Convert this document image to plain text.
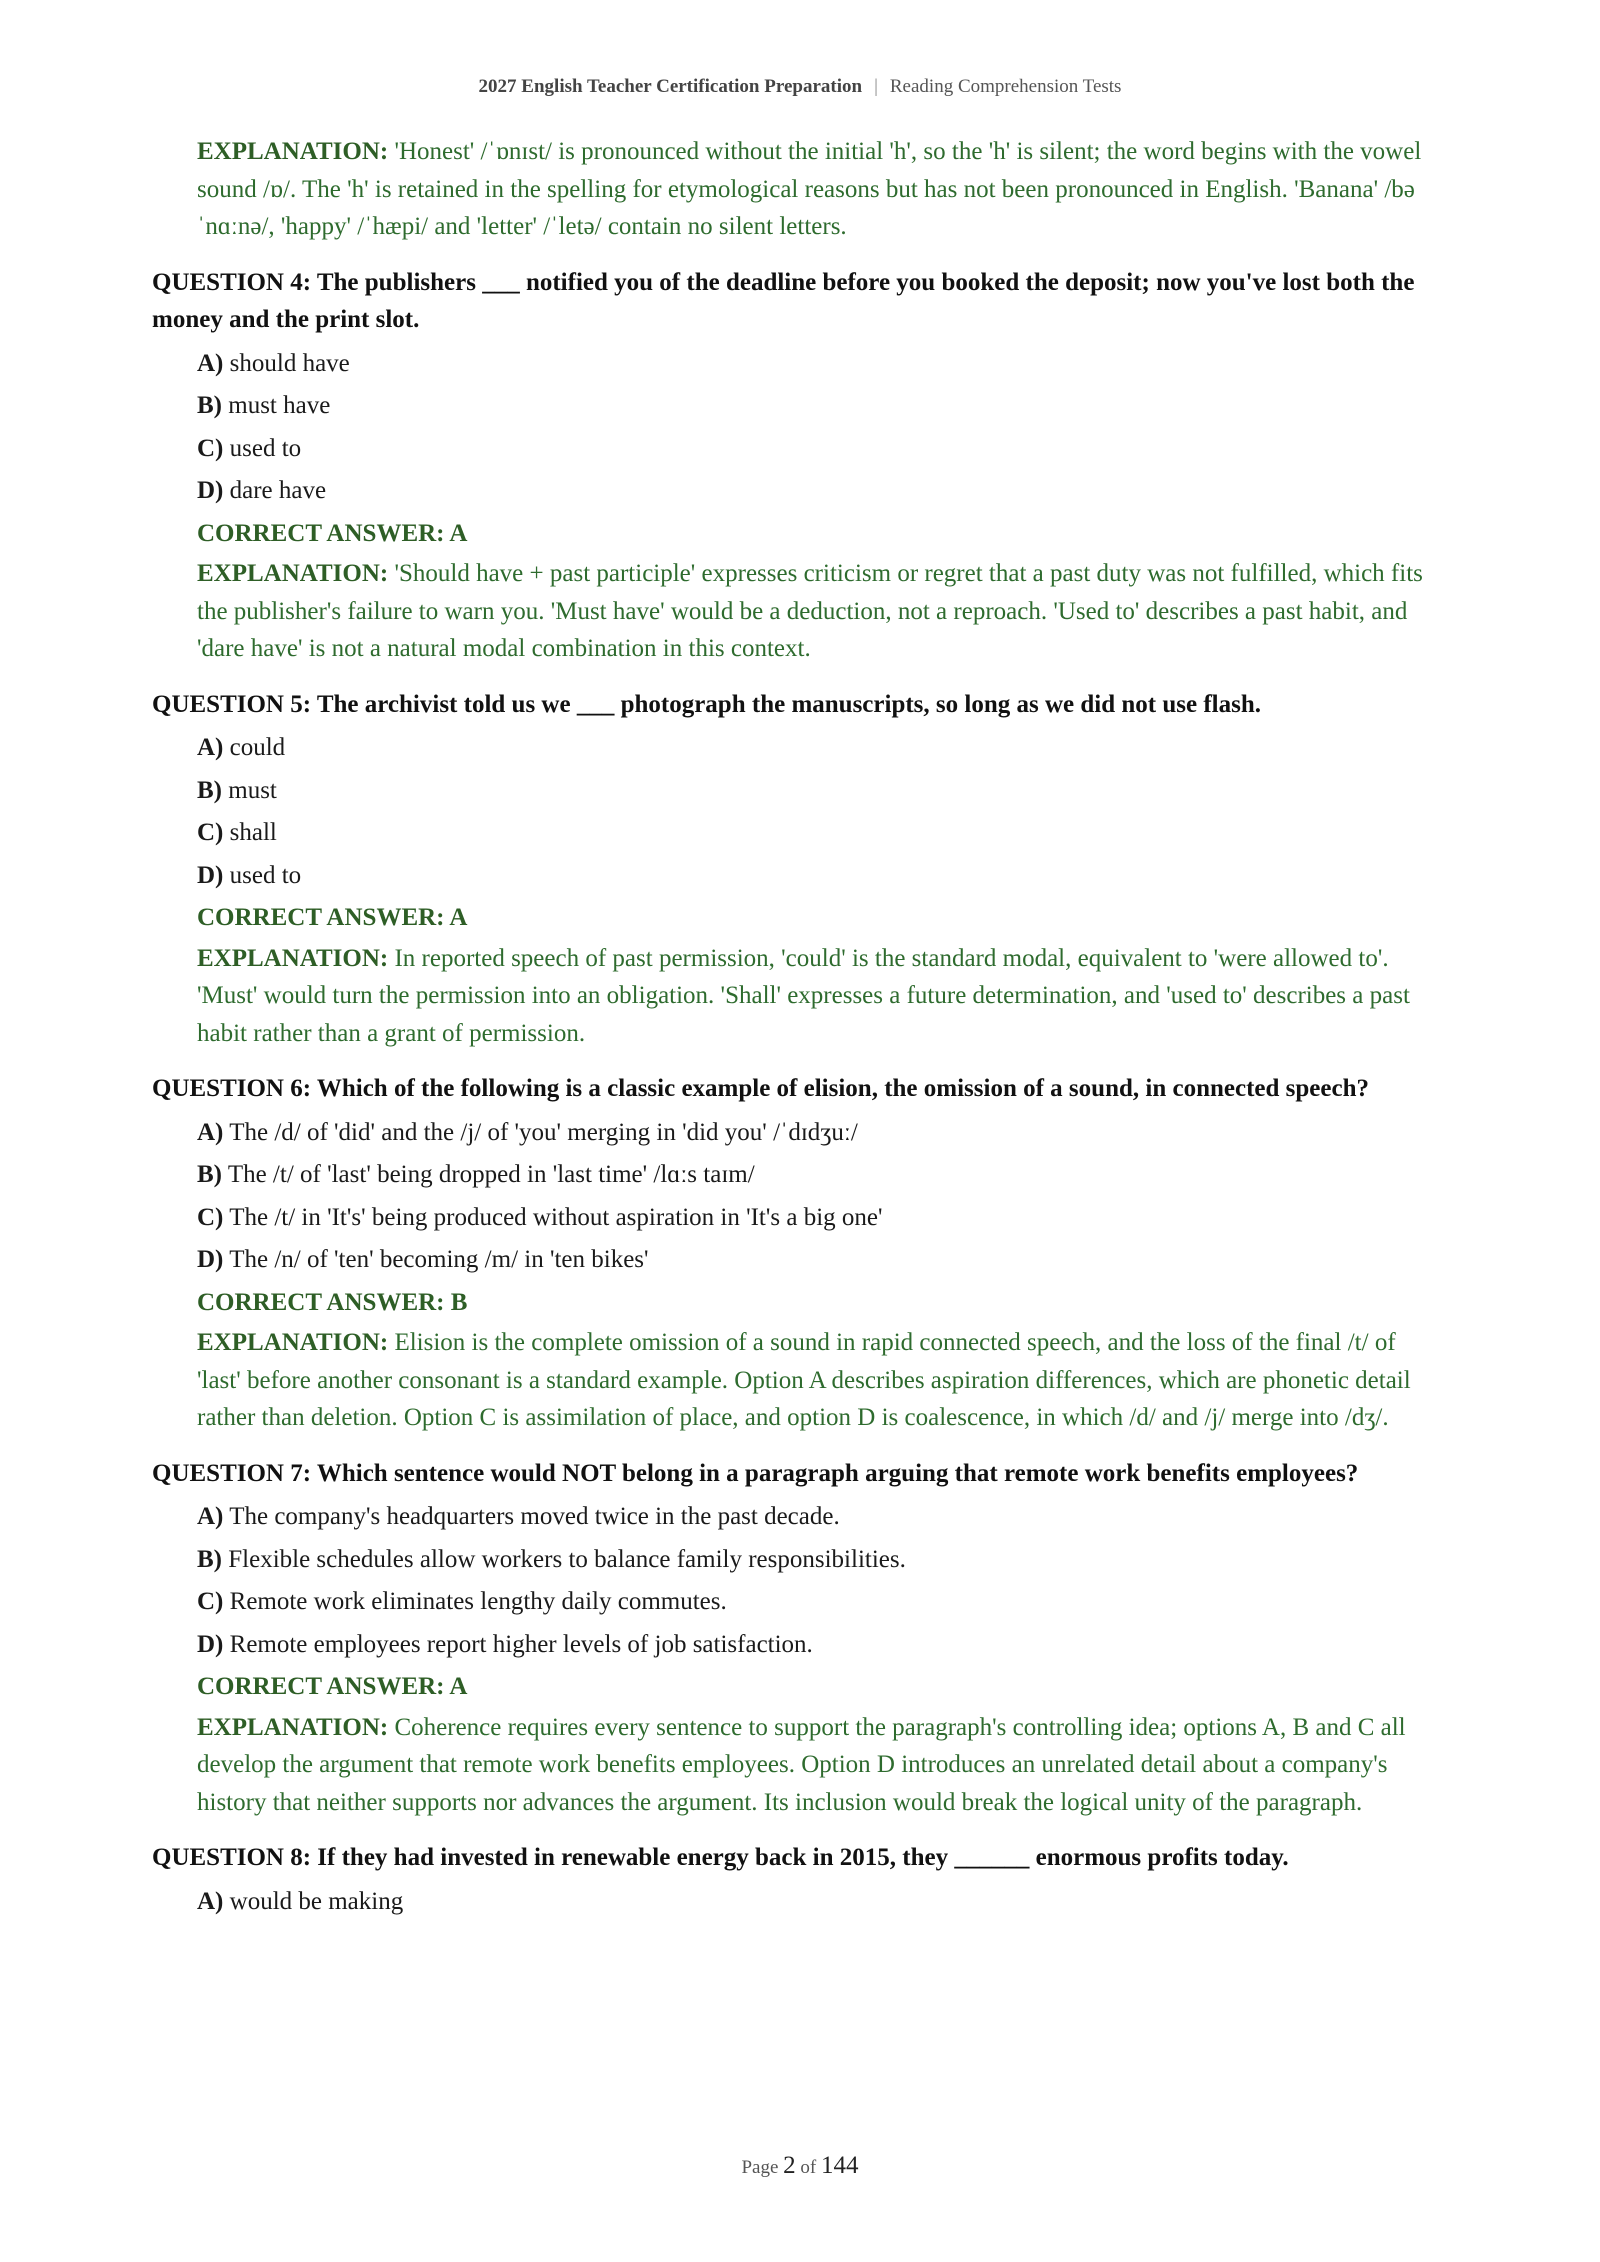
2027 English Teacher Certification Preparation | Reading Comprehension Tests
EXPLANATION: 'Honest' /ˈɒnɪst/ is pronounced without the initial 'h', so the 'h' is silent; the word begins with the vowel sound /ɒ/. The 'h' is retained in the spelling for etymological reasons but has not been pronounced in English. 'Banana' /bəˈnɑːnə/, 'happy' /ˈhæpi/ and 'letter' /ˈletə/ contain no silent letters.
QUESTION 4: The publishers ___ notified you of the deadline before you booked the deposit; now you've lost both the money and the print slot.
A) should have
B) must have
C) used to
D) dare have
CORRECT ANSWER: A
EXPLANATION: 'Should have + past participle' expresses criticism or regret that a past duty was not fulfilled, which fits the publisher's failure to warn you. 'Must have' would be a deduction, not a reproach. 'Used to' describes a past habit, and 'dare have' is not a natural modal combination in this context.
QUESTION 5: The archivist told us we ___ photograph the manuscripts, so long as we did not use flash.
A) could
B) must
C) shall
D) used to
CORRECT ANSWER: A
EXPLANATION: In reported speech of past permission, 'could' is the standard modal, equivalent to 'were allowed to'. 'Must' would turn the permission into an obligation. 'Shall' expresses a future determination, and 'used to' describes a past habit rather than a grant of permission.
QUESTION 6: Which of the following is a classic example of elision, the omission of a sound, in connected speech?
A) The /d/ of 'did' and the /j/ of 'you' merging in 'did you' /ˈdɪdʒuː/
B) The /t/ of 'last' being dropped in 'last time' /lɑːs taɪm/
C) The /t/ in 'It's' being produced without aspiration in 'It's a big one'
D) The /n/ of 'ten' becoming /m/ in 'ten bikes'
CORRECT ANSWER: B
EXPLANATION: Elision is the complete omission of a sound in rapid connected speech, and the loss of the final /t/ of 'last' before another consonant is a standard example. Option A describes aspiration differences, which are phonetic detail rather than deletion. Option C is assimilation of place, and option D is coalescence, in which /d/ and /j/ merge into /dʒ/.
QUESTION 7: Which sentence would NOT belong in a paragraph arguing that remote work benefits employees?
A) The company's headquarters moved twice in the past decade.
B) Flexible schedules allow workers to balance family responsibilities.
C) Remote work eliminates lengthy daily commutes.
D) Remote employees report higher levels of job satisfaction.
CORRECT ANSWER: A
EXPLANATION: Coherence requires every sentence to support the paragraph's controlling idea; options A, B and C all develop the argument that remote work benefits employees. Option D introduces an unrelated detail about a company's history that neither supports nor advances the argument. Its inclusion would break the logical unity of the paragraph.
QUESTION 8: If they had invested in renewable energy back in 2015, they ______ enormous profits today.
A) would be making
Page 2 of 144
